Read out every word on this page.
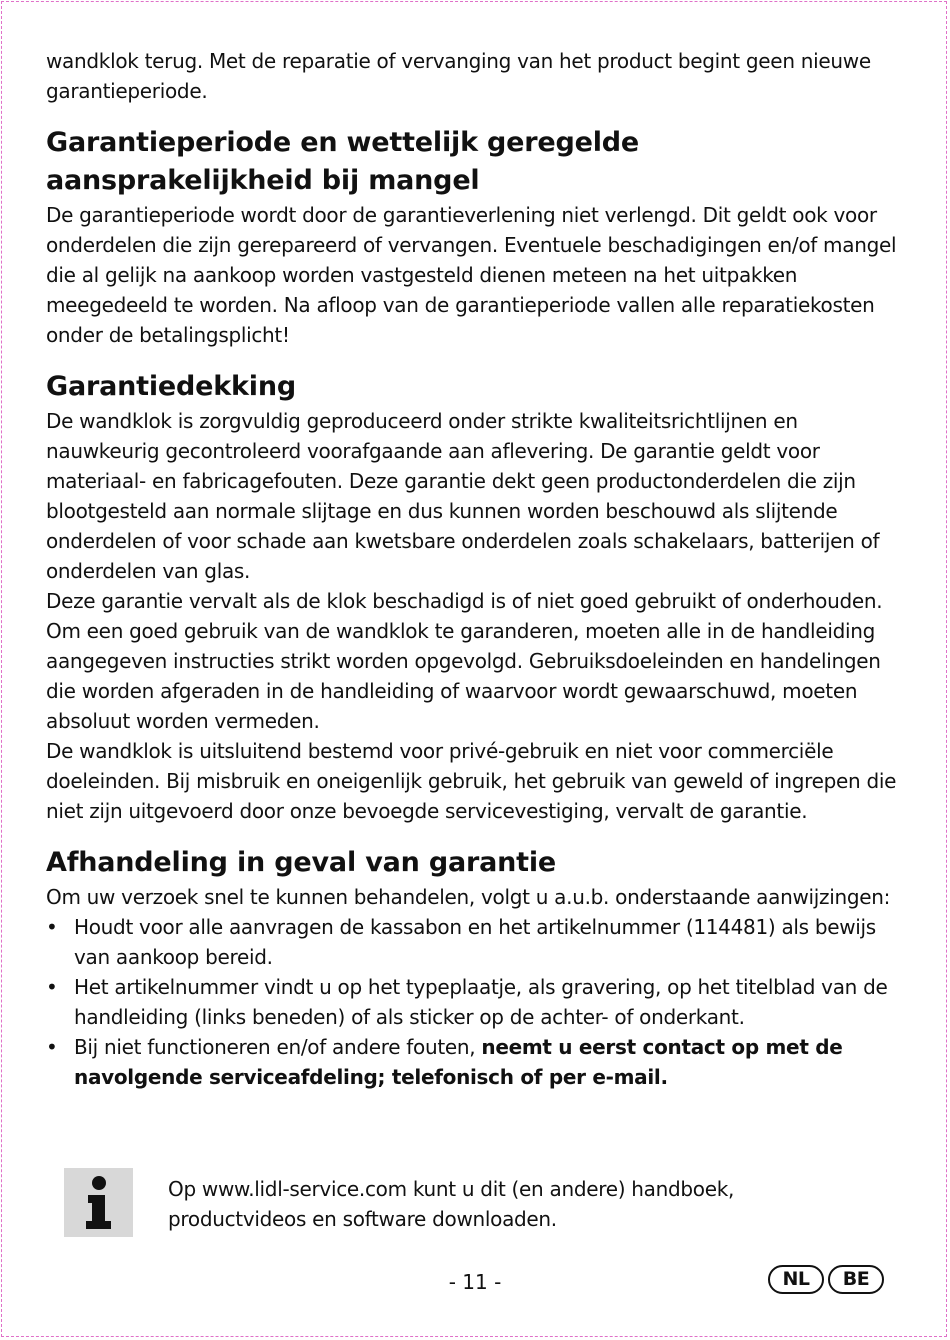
wandklok terug. Met de reparatie of vervanging van het product begint geen nieuwe garantieperiode.

Garantieperiode en wettelijk geregelde
aansprakelijkheid bij mangel

De garantieperiode wordt door de garantieverlening niet verlengd. Dit geldt ook voor onderdelen die zijn gerepareerd of vervangen. Eventuele beschadigingen en/of mangel die al gelijk na aankoop worden vastgesteld dienen meteen na het uitpakken meegedeeld te worden. Na afloop van de garantieperiode vallen alle reparatiekosten onder de betalingsplicht!

Garantiedekking

De wandklok is zorgvuldig geproduceerd onder strikte kwaliteitsrichtlijnen en nauwkeurig gecontroleerd voorafgaande aan aflevering. De garantie geldt voor materiaal- en fabricagefouten. Deze garantie dekt geen productonderdelen die zijn blootgesteld aan normale slijtage en dus kunnen worden beschouwd als slijtende onderdelen of voor schade aan kwetsbare onderdelen zoals schakelaars, batterijen of onderdelen van glas.

Deze garantie vervalt als de klok beschadigd is of niet goed gebruikt of onderhouden. Om een goed gebruik van de wandklok te garanderen, moeten alle in de handleiding aangegeven instructies strikt worden opgevolgd. Gebruiksdoeleinden en handelingen die worden afgeraden in de handleiding of waarvoor wordt gewaarschuwd, moeten absoluut worden vermeden.

De wandklok is uitsluitend bestemd voor privé-gebruik en niet voor commerciële doeleinden. Bij misbruik en oneigenlijk gebruik, het gebruik van geweld of ingrepen die niet zijn uitgevoerd door onze bevoegde servicevestiging, vervalt de garantie.

Afhandeling in geval van garantie

Om uw verzoek snel te kunnen behandelen, volgt u a.u.b. onderstaande aanwijzingen:

• Houdt voor alle aanvragen de kassabon en het artikelnummer (114481) als bewijs van aankoop bereid.
• Het artikelnummer vindt u op het typeplaatje, als gravering, op het titelblad van de handleiding (links beneden) of als sticker op de achter- of onderkant.
• Bij niet functioneren en/of andere fouten, neemt u eerst contact op met de navolgende serviceafdeling; telefonisch of per e-mail.
Op www.lidl-service.com kunt u dit (en andere) handboek, productvideos en software downloaden.
- 11 -	NL BE
